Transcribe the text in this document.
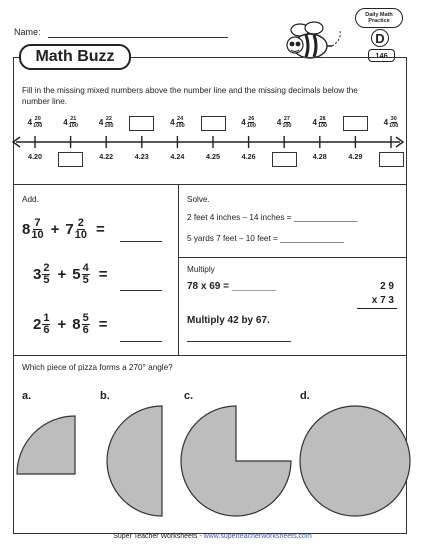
Name:
Daily Math Practice
D
146
Math Buzz
Fill in the missing mixed numbers above the number line and the missing decimals below the number line.
$4 \frac{20}{100}$	$4 \frac{21}{100}$	$4 \frac{22}{100}$	$4 \frac{24}{100}$	$4 \frac{26}{100}$	$4 \frac{27}{100}$	$4 \frac{28}{100}$	$4 \frac{30}{100}$
4.20	4.22	4.23	4.24	4.25	4.26	4.28	4.29
Add.
$8 \frac{7}{10} + 7 \frac{2}{10}$ =
$3 \frac{2}{5} + 5 \frac{4}{5}$ =
$2 \frac{1}{6} + 8 \frac{5}{6}$ =
Solve.
2 feet 4 inches – 14 inches = ______________
5 yards 7 feet – 10 feet = ______________
Multiply
78 x 69 = ________	2 9
x 7 3
Multiply 42 by 67.
Which piece of pizza forms a 270° angle?
a.	b.	c.	d.
Super Teacher Worksheets - www.superteacherworksheets.com
